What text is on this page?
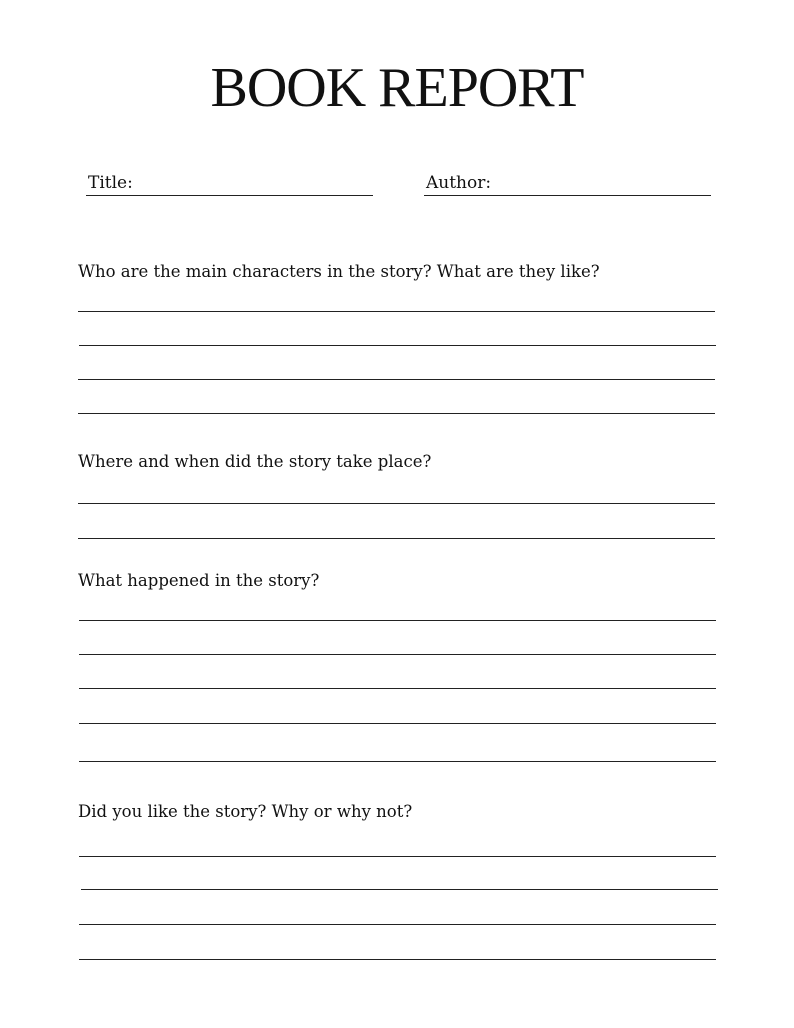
BOOK REPORT
Title:	Author:
Who are the main characters in the story? What are they like?
Where and when did the story take place?
What happened in the story?
Did you like the story? Why or why not?
